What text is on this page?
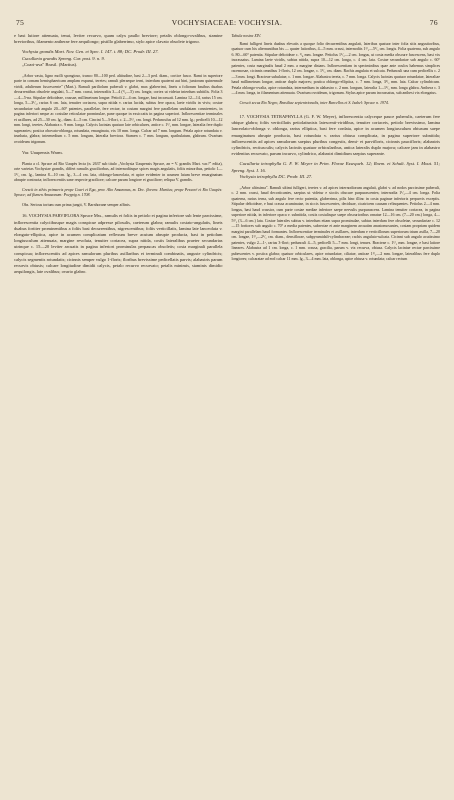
75	VOCHYSIACEAE: VOCHYSIA.	76

e basi lutiore attenuata, tenui, leviter recurvo, quam calyx paullo breviore; petalis oblongo-ovalibus, stamine brevioribus, filamento antherae fere aequilongo; pistillo glaberrimo, stylo apice clavato obsolete trigono.

Vochysia grandis Mart. Nov. Gen. et Spec. I. 147. t. 88; DC. Prodr. III. 27.

Cucullaria grandis Spreng. Cur. post. 9. n. 9.

„Coari-uva" Brasil. (Martius).

„Arbor vasta, ligno molli spongioso, trunco 80—100 ped. altitudine, basi 2—3 ped. diam., cortice fusco. Rami in superiore parte in comam hemisphaericam amplam expansi, teretes; ramuli pleraeque terni, interdum quaterni aut bini, juniorum quinennale viridi, adulterum fuscescente" (Mart.). Ramuli pariliolum puberuli v. glabri, max glaberrimi, lineis a foliorum basibus duabus decurrentibus obsolete angulati, 5—7 mm. crassi, internodiis 3—4 (¹/₂—5) cm. longis; cortex ut videtur interdum subitilis. Folia 3—4—5-na. Stipulae deltoideae, crassae, millimetrum longae. Petioli 2—4 cm. longae, basi incrassati. Lamina 12—14, rarius 15 cm. longa, 5—3¹/₂, rarius 6 cm. lata, tenuiter coriacea, supra nitida v. rarius lucida, subtus fere opaca, laete viridis in vivis; costae secundariae sub angulo 20—60° patentes, parallelae, fere rectae, in costam margini fere parallelam undulatam conniventes, in pagina inferiori neque ac costulae reticulatae prominulae, pane quoque in exsiccatis in pagina superiori. Inflorescentiae terminales et axillares, ad 25—30 cm. lg., diam. 4—5 cm. Cincini 5—3-flori, c. 2—5¹/₂ cm. longi. Pedunculus ad 12 mm. lg.; pedicelli 10—12 mm. longi, teretes. Alabastra c. 9 mm. longa. Calycis lacinias quatuor late orbiculares, antice c. 1¹/₂ mm. longae, lateralia fere duplo superantes; postica obovato-oblonga, rotundata, emarginata, vix 10 mm. longa. Calcar ad 7 mm. longum. Petala apice rotundata v. trunbata, glabra; intermedium c. 5 mm. longum, lateralia breviora. Stamen c. 7 mm. longum, spathulatum, glabrum. Ovarium ovoideum trigonum.

Var. Uaupensis Warm.

Planta a cl. Spruce ad Rio Uaupès lecta (n. 2637 sub titulo „Vochysia Uaupensis Spruce, an = V. grandis Mart. var.?" edita), orte varietas Vochysiae grandis, differt ramulis graciliorbus, ad internodiisque spices magis angulatis, foliis minoribus, petiolo 1—1¹/₂ cm. lg., lamina 8—10 cm. lg., 3—4 cm. lata, oblongo-lanceolata, et apice evidenter in acumen latum breve emarginatum abrupte contracta; inflorescentiis sane respecte graciliore; calcare parum longiore et graciliore; reliqua V. grandis.

Crescit in silvis primaeris prope Coari et Ega, prov. Alto Amazonas, m. Dec. florens: Martius; prope Pessoré et Rio Uaupès: Spruce; ad flumen Amazonum: Poeppig n. 1708.

Obs. Serious torium cum prima jungit, V. Barnhorane semper affinis.

16. VOCHYSIA PARVIFLORA Spruce Mss., ramulis et foliis in petiolo et pagina inferiore sub lente parcissime, inflorescentia calyciibusque magis conspicue adpresse pilosulis, caeterum glabra; ramulis costato-angulatis, lineis duabus fortiter prominentibus a foliis basi decurrentibus, nigrescentibus; foliis verticillatis, lamina late lanceolata v. elongato-elliptica, apice in acumen complicatum reflexum breve acutum abrupte producta, basi in petiolum longiusculum attenuata, margine revoluta, tenuiter coriacea, supra nitida, costis lateralibus praeter secundarias utrinque c. 15—20 leviter arcuatis in pagina inferiori prominulas perpaucas obsoletis; costa marginali parallela conspicua; inflorescentiis ad apices ramulorum pluribus axillaribus et terminali combinatis, anguste cylindricis; calycis segmentis rotundatis; cicinnis semper vulgo 1-floris; floribus brevissime pedicellatis parvis; alabastris parum recurvis obtusis; calcare longitudine dimidii calycis, petalo recurvo recurvato; petalis minimis, staminis dimidio aequilongis, late ovalibus; ovario glabro.

Tabula nostra XIV.

Rami fulligeri lineis duabus elevatis a quoque folio decurrentibus angulati, lateribus quatuor inter folia sitis angustioribus, quatuor cum his alternantibus bis — quater latioribus, 4—5 mm. crassi, internodiis 1¹/₂—5¹/₂ cm. longis. Folia quaterna, sub angulo 6. 80—60° patentia. Stipulae deltoideae c. ¹/₄ mm. longae. Petiolus 1¹/₂—2 cm. longus, ut costa media obscure fuscescens, basi vix incrassatus. Lamina laete viridis, subtus nitida, supra 10—12 cm. longa, c. 4 cm. lata. Costae secundariae sub angulo c. 60° patentes, costa marginalis haud 2 mm. a margine distans. Inflorescentiam in speciminibus quae ante oculos habemus simplices racemosae, cicinnis omnibus 1-floris, 12 cm. longae, c. 1¹/₂ cm. diam. Rachis angulata et sulcata. Pedunculi una cum pedicellis c. 2—3 mm. longi. Bracteae subulatae, c. 1 mm. longae. Alabastra tereta, c. 7 mm. longa. Calycis lacinias quatuor rotundatae, lateraliae haud millimetrum longae, anticae duplo majores; postica oblongo-elliptica, c. 7 mm. longa, 3¹/₂ mm. lata. Calcar cylindricum. Petala oblongo-ovalia, apice rotundata, intermedium in alabastro c. 2 mm. longum, lateralia 1—1¹/₂ mm. longa glabra. Anthera c. 3—4 mm. longa, in filamentum attenuata. Ovarium ovoideum, trigonum. Stylus apice parum incrassatus, sub anthesi vix elongatus.

Crescit secus Rio Negro, Brasiliae septentrionalis, inter Barcellos et S. Isabel: Spruce n. 1974.

17. VOCHYSIA TETRAPHYLLA (G. F. W. Meyer), inflorescentia calyceque pauce puberulis, caeterum fere ubique glabra; foliis verticillatis petiolatisnisis latescenti-viridibus, tenuiter coriaceis, petiolo brevissimo, lamina lanceolato-oblonga v. oblonga, rarius elliptica, basi fere cordata, apice in acumen longiusculum obtusum saepe emarginatum abrupte producta, basi rotundata v. rarius obtusa complicata, in pagina superiore subnitida; inflorescentiis ad apices ramulorum saepius pluribus congestis, demi- et parvifloris, cicinnis paucifloris; alabastris cylindricis, rectiusculis; calycis laciniis quatuor orbicularibus, antica lateralis duplo majora; calcare jam in alabastro evidentius recurvato, parum incurvo, cylindrico, alabastri dimidium saepius superante.

Cucullaria tetraphylla G. F. W. Meyer in Prim. Florae Essequeb. 12; Roem. et Schult. Syst. I. Mout. 51; Spreng. Syst. I. 16.

Vochysia tetraphylla DC. Prodr. III. 27.

„Arbor altissima". Ramuli ultimi fulligeri, teretes v. ad apices internodiorum angulati, glabri v. ad nodos parcissime puberuli, c. 2 mm. crassi, haud decorticantes, saepius ut videtur e sicciis obscure purpurascentes; internodia 1¹/₂—4 cm. longa. Folia quaterna, rarius terna, sub angulo fere recto patentia, glaberrima, pilis hinc illinc in costa paginae inferioris perparvis exceptis. Stipulae deltoideae, e basi crassa acuminatae, in siccis fuscescentes, deciduae, cicatricem causam relinquentes. Petiolus 2—4 mm. longus, basi haud crassior, cum parte costae mediae inferiore saepe nervulis purpurascens. Lamina tenuiter coriacea, in pagina superiore nitida, in inferiore opaca v. subnitida, costis costulisque saepe obscurioribus ornatae 12—16 cm. (7—20 cm.) longa, 4—5¹/₂ (3—6 cm.) lata. Costae laterales subtus v. interdum etiam supra prominulae, subtus interdum fere obsoletae, secundariae c. 12—15 fortiores sub angulo c. 70° a media patentes, subrectae et ante marginem arcuatim anastomosantes, costam propriam quidem margini parallelam haud formantes. Inflorescentiae terminales et axillares, interdum e verticillorum superiorum trium axilla, 7—20 cm. longae, 1¹/₂—2¹/₂ cm. diam., densiflorae, subpyramidali-cylindraceae; rachis angulato-sulcata. Cicinni sub angulo acutissimo patentes, vulgo 2—1-, rarius 3-flori; pedunculi 4—5, pedicelli 5—7 mm. longi, tenues. Bracteae c. 1¹/₂ mm. longae, e basi latiore lineares. Alabastra ad 1 cm. longa, c. 1 mm. crassa, gracilia, parum v. vix recurva, obtusa. Calycis laciniae rectae parcissime pubescentes v. postica glabra; quatuor orbiculares, apice rotundatae, ciliatae, anticae 1¹/₂—2 mm. longae, lateralibus fere duplo longiores; calcaratae ad eod calcar 11 mm. lg., 3—4 mm. lata, oblonga, apice obtusa v. rotundata; calcar rectum
